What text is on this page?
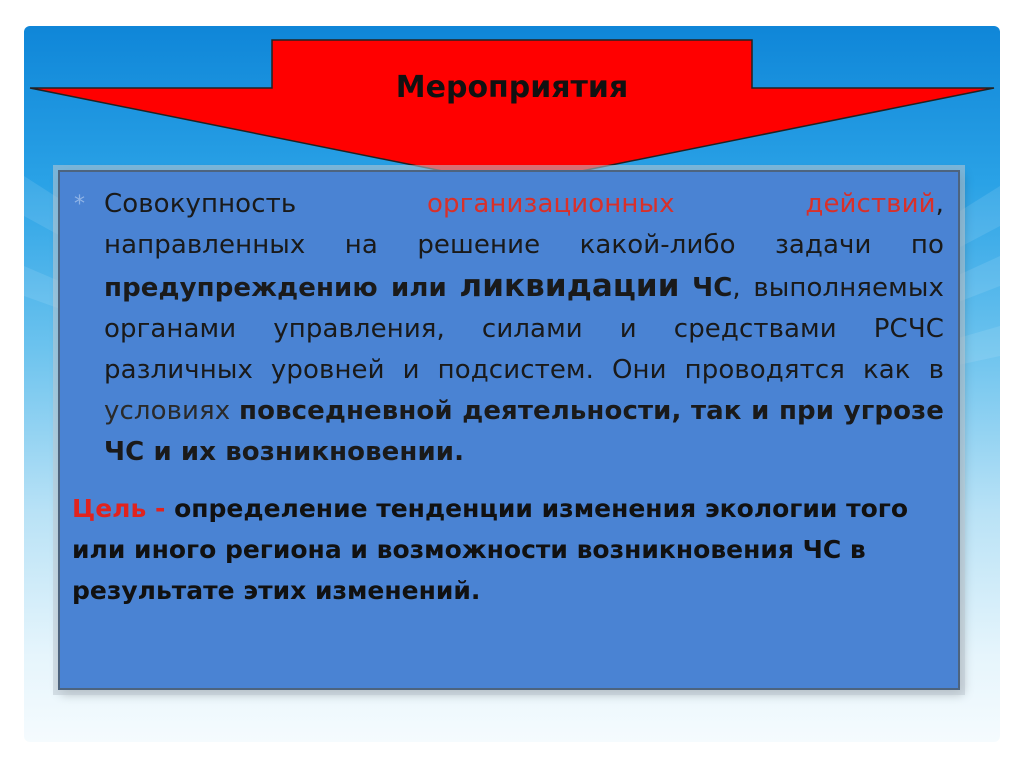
Мероприятия
* Совокупность	организационных	действий,
направленных на решение какой-либо задачи по предупреждению или ликвидации ЧС, выполняемых органами управления, силами и средствами РСЧС различных уровней и подсистем. Они проводятся как в условиях повседневной деятельности, так и при угрозе ЧС и их возникновении.
Цель - определение тенденции изменения экологии того или иного региона и возможности возникновения ЧС в результате этих изменений.
